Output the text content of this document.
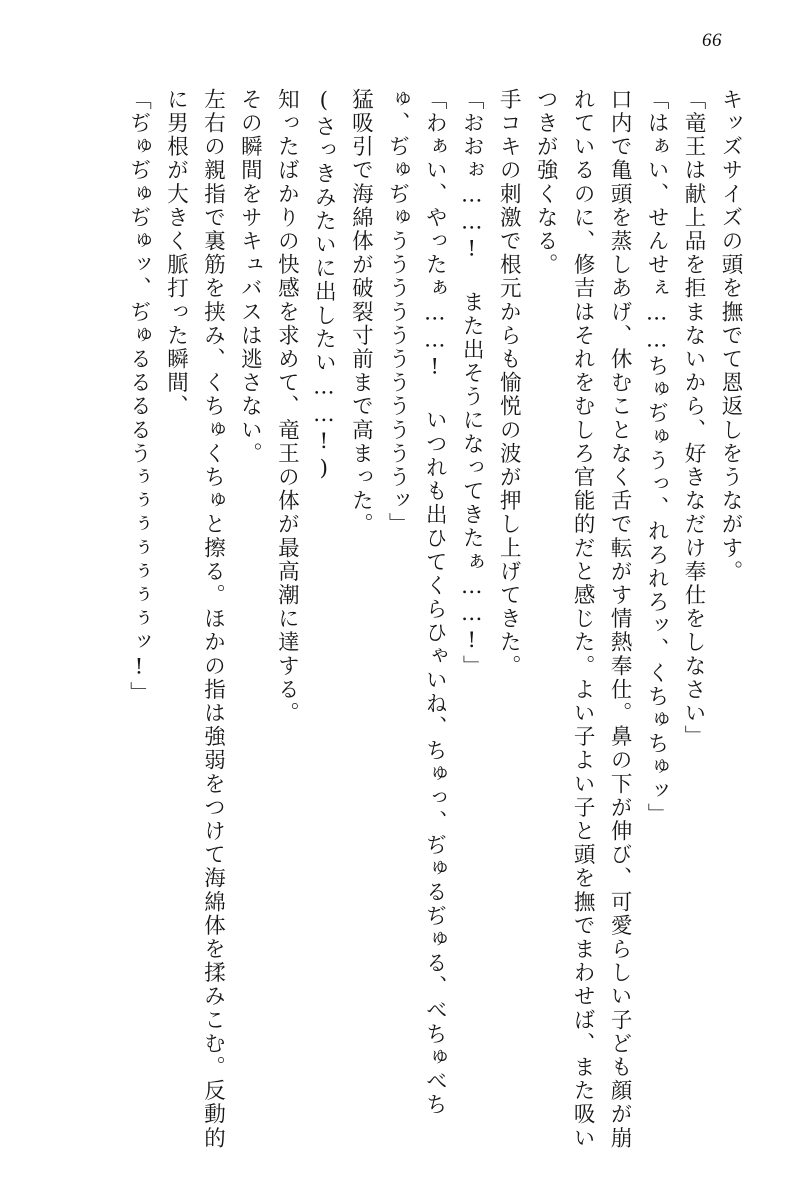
66

キッズサイズの頭を撫でて恩返しをうながす。

「竜王は献上品を拒まないから、好きなだけ奉仕をしなさい」

「はぁい、せんせぇ……ちゅぢゅうっ、れろれろッ、くちゅちゅッ」

口内で亀頭を蒸しあげ、休むことなく舌で転がす情熱奉仕。鼻の下が伸び、可愛らしい子ども顔が崩れているのに、修吉はそれをむしろ官能的だと感じた。よい子よい子と頭を撫でまわせば、また吸いつきが強くなる。

手コキの刺激で根元からも愉悦の波が押し上げてきた。

「おおぉ……! また出そうになってきたぁ……!」

「わぁい、やったぁ……! いつれも出ひてくらひゃいね、ちゅっ、ぢゅるぢゅる、べちゅべちゅ、ぢゅぢゅうううううううううううッ」

猛吸引で海綿体が破裂寸前まで高まった。

(さっきみたいに出したい……!)

知ったばかりの快感を求めて、竜王の体が最高潮に達する。

その瞬間をサキュバスは逃さない。

左右の親指で裏筋を挟み、くちゅくちゅと擦る。ほかの指は強弱をつけて海綿体を揉みこむ。反動的に男根が大きく脈打った瞬間、

「ぢゅぢゅぢゅッ、ぢゅるるるるうぅぅぅぅぅぅぅッ!」
